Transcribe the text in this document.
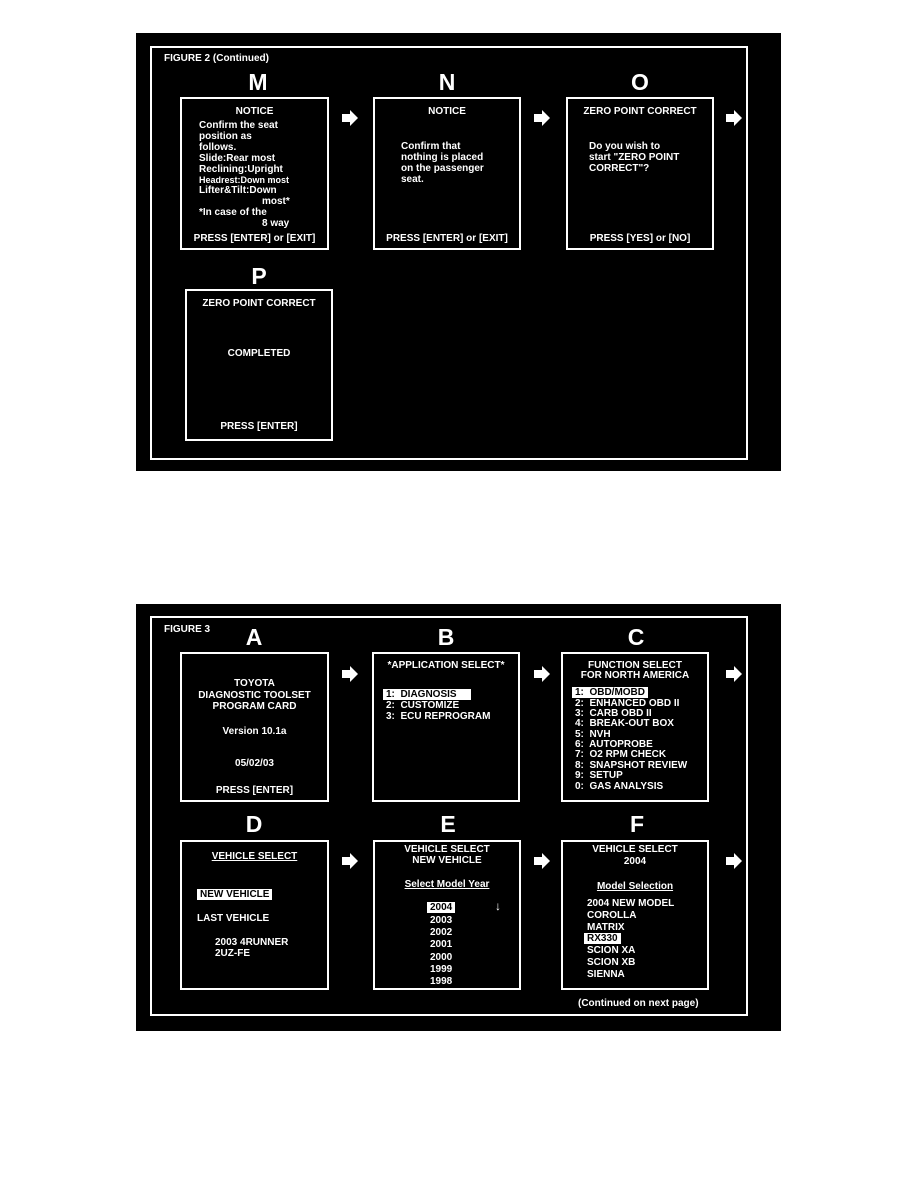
FIGURE 2 (Continued)
M	N	O
P
NOTICE
Confirm the seat
position as
follows.
Slide:Rear most
Reclining:Upright
Headrest:Down most
Lifter&Tilt:Down
most*
*In case of the
8 way
PRESS [ENTER] or [EXIT]
NOTICE
Confirm that
nothing is placed
on the passenger
seat.
PRESS [ENTER] or [EXIT]
ZERO POINT CORRECT
Do you wish to
start "ZERO POINT
CORRECT"?
PRESS [YES] or [NO]
ZERO POINT CORRECT
COMPLETED
PRESS [ENTER]
FIGURE 3	A	B	C
D	E	F
TOYOTA
DIAGNOSTIC TOOLSET
PROGRAM CARD
Version 10.1a
05/02/03
PRESS [ENTER]
*APPLICATION SELECT*
1:  DIAGNOSIS
2:  CUSTOMIZE
3:  ECU REPROGRAM
FUNCTION SELECT
FOR NORTH AMERICA
1:  OBD/MOBD
2:  ENHANCED OBD II
3:  CARB OBD II
4:  BREAK-OUT BOX
5:  NVH
6:  AUTOPROBE
7:  O2 RPM CHECK
8:  SNAPSHOT REVIEW
9:  SETUP
0:  GAS ANALYSIS
VEHICLE SELECT
NEW VEHICLE
LAST VEHICLE
2003 4RUNNER
2UZ-FE
VEHICLE SELECT
NEW VEHICLE
Select Model Year
2004
2003
2002
2001
2000
1999
1998
↓
VEHICLE SELECT
2004
Model Selection
2004 NEW MODEL
COROLLA
MATRIX
RX330
SCION XA
SCION XB
SIENNA
(Continued on next page)
